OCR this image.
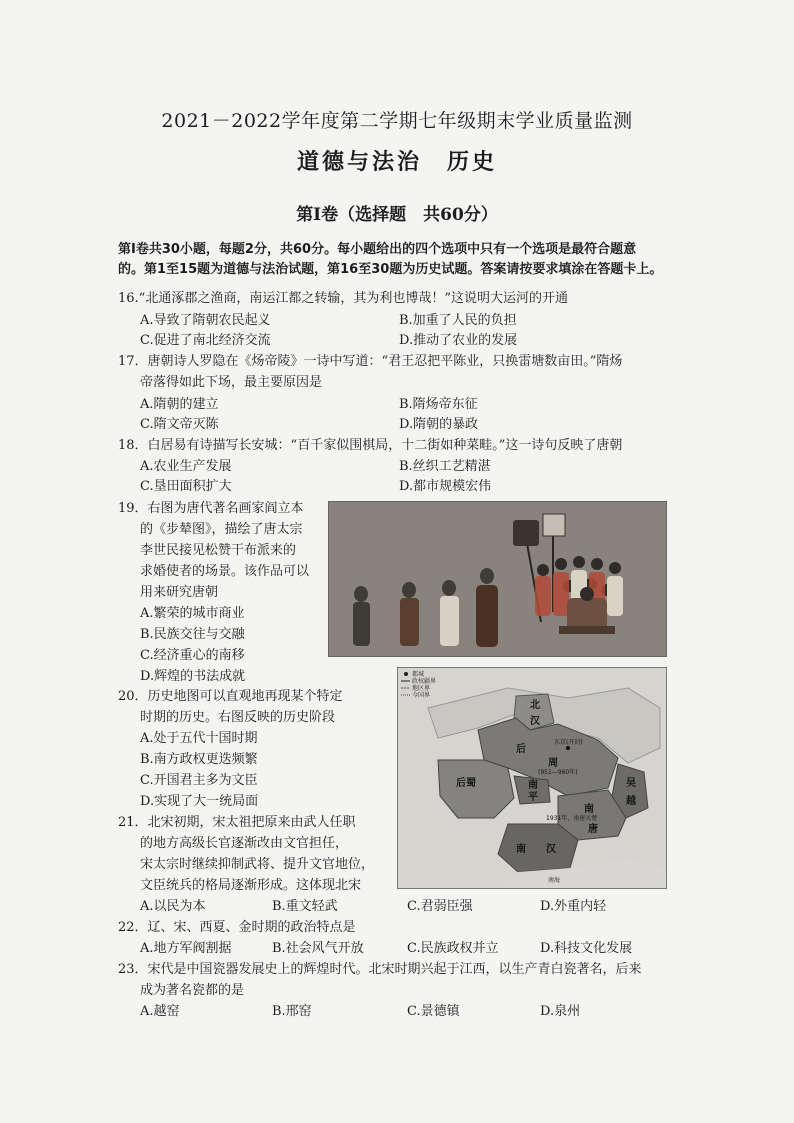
2021－2022学年度第二学期七年级期末学业质量监测
道德与法治　历史
第Ⅰ卷（选择题　共60分）
第Ⅰ卷共30小题，每题2分，共60分。每小题给出的四个选项中只有一个选项是最符合题意
的。第1至15题为道德与法治试题，第16至30题为历史试题。答案请按要求填涂在答题卡上。
16.“北通涿郡之渔商，南运江都之转输，其为利也博哉！”这说明大运河的开通
A.导致了隋朝农民起义	B.加重了人民的负担
C.促进了南北经济交流	D.推动了农业的发展
17．唐朝诗人罗隐在《炀帝陵》一诗中写道：“君王忍把平陈业，只换雷塘数亩田。”隋炀
帝落得如此下场，最主要原因是
A.隋朝的建立	B.隋炀帝东征
C.隋文帝灭陈	D.隋朝的暴政
18．白居易有诗描写长安城：“百千家似围棋局，十二街如种菜畦。”这一诗句反映了唐朝
A.农业生产发展	B.丝织工艺精湛
C.垦田面积扩大	D.都市规模宏伟
19．右图为唐代著名画家阎立本
的《步辇图》，描绘了唐太宗
李世民接见松赞干布派来的
求婚使者的场景。该作品可以
用来研究唐朝
A.繁荣的城市商业
B.民族交往与交融
C.经济重心的南移
D.辉煌的书法成就
20．历史地图可以直观地再现某个特定
时期的历史。右图反映的历史阶段
A.处于五代十国时期
B.南方政权更迭频繁
C.开国君主多为文臣
D.实现了大一统局面
都城
政权疆界
地区界
今国界
北
汉
后
周
后蜀	南
平
吴
越
南
唐
南 汉
东京(开封)
(951—960年)
1931年，南唐灭楚
南海
21．北宋初期，宋太祖把原来由武人任职
的地方高级长官逐渐改由文官担任，
宋太宗时继续抑制武将、提升文官地位，
文臣统兵的格局逐渐形成。这体现北宋
A.以民为本	B.重文轻武	C.君弱臣强	D.外重内轻
22．辽、宋、西夏、金时期的政治特点是
A.地方军阀割据	B.社会风气开放	C.民族政权并立	D.科技文化发展
23．宋代是中国瓷器发展史上的辉煌时代。北宋时期兴起于江西，以生产青白瓷著名，后来
成为著名瓷都的是
A.越窑	B.邢窑	C.景德镇	D.泉州
